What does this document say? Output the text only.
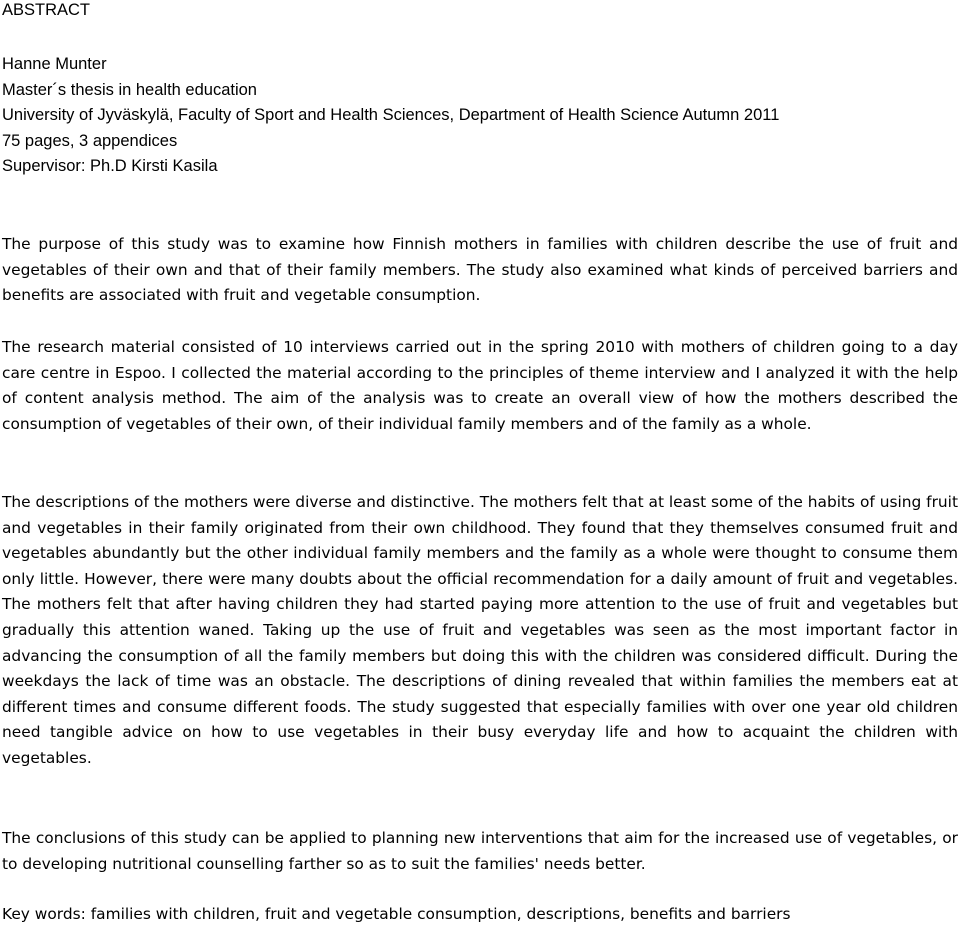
ABSTRACT
Hanne Munter
Master´s thesis in health education
University of Jyväskylä, Faculty of Sport and Health Sciences, Department of Health Science Autumn 2011
75 pages, 3 appendices
Supervisor: Ph.D Kirsti Kasila

The purpose of this study was to examine how Finnish mothers in families with children describe the use of fruit and vegetables of their own and that of their family members. The study also examined what kinds of perceived barriers and benefits are associated with fruit and vegetable consumption.

The research material consisted of 10 interviews carried out in the spring 2010 with mothers of children going to a day care centre in Espoo. I collected the material according to the principles of theme interview and I analyzed it with the help of content analysis method. The aim of the analysis was to create an overall view of how the mothers described the consumption of vegetables of their own, of their individual family members and of the family as a whole.

The descriptions of the mothers were diverse and distinctive. The mothers felt that at least some of the habits of using fruit and vegetables in their family originated from their own childhood. They found that they themselves consumed fruit and vegetables abundantly but the other individual family members and the family as a whole were thought to consume them only little. However, there were many doubts about the official recommendation for a daily amount of fruit and vegetables. The mothers felt that after having children they had started paying more attention to the use of fruit and vegetables but gradually this attention waned. Taking up the use of fruit and vegetables was seen as the most important factor in advancing the consumption of all the family members but doing this with the children was considered difficult. During the weekdays the lack of time was an obstacle. The descriptions of dining revealed that within families the members eat at different times and consume different foods. The study suggested that especially families with over one year old children need tangible advice on how to use vegetables in their busy everyday life and how to acquaint the children with vegetables.

The conclusions of this study can be applied to planning new interventions that aim for the increased use of vegetables, or to developing nutritional counselling farther so as to suit the families' needs better.

Key words: families with children, fruit and vegetable consumption, descriptions, benefits and barriers
